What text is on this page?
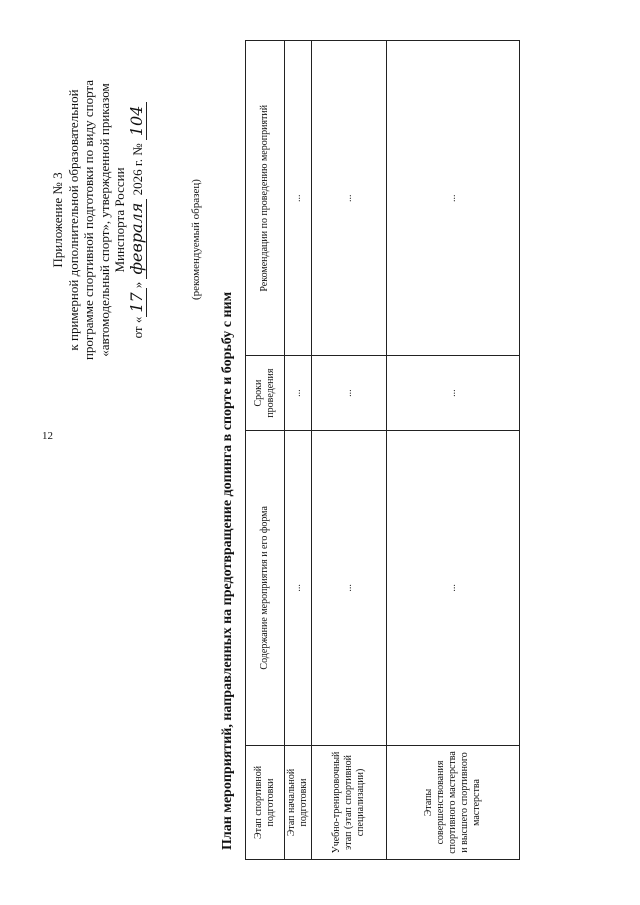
12
Приложение № 3 к примерной дополнительной образовательной программе спортивной подготовки по виду спорта «автомодельный спорт», утвержденной приказом Минспорта России
от «17» февраля 2026 г. № 104
(рекомендуемый образец)
План мероприятий, направленных на предотвращение допинга в спорте и борьбу с ним Этап спортивной подготовки	Содержание мероприятия и его форма	Сроки проведения	Рекомендации по проведению мероприятий
Этап начальной подготовки	...	...	...
Учебно-тренировочный этап (этап спортивной специализации)	...	...	...
Этапы совершенствования спортивного мастерства и высшего спортивного мастерства	...	...	...
